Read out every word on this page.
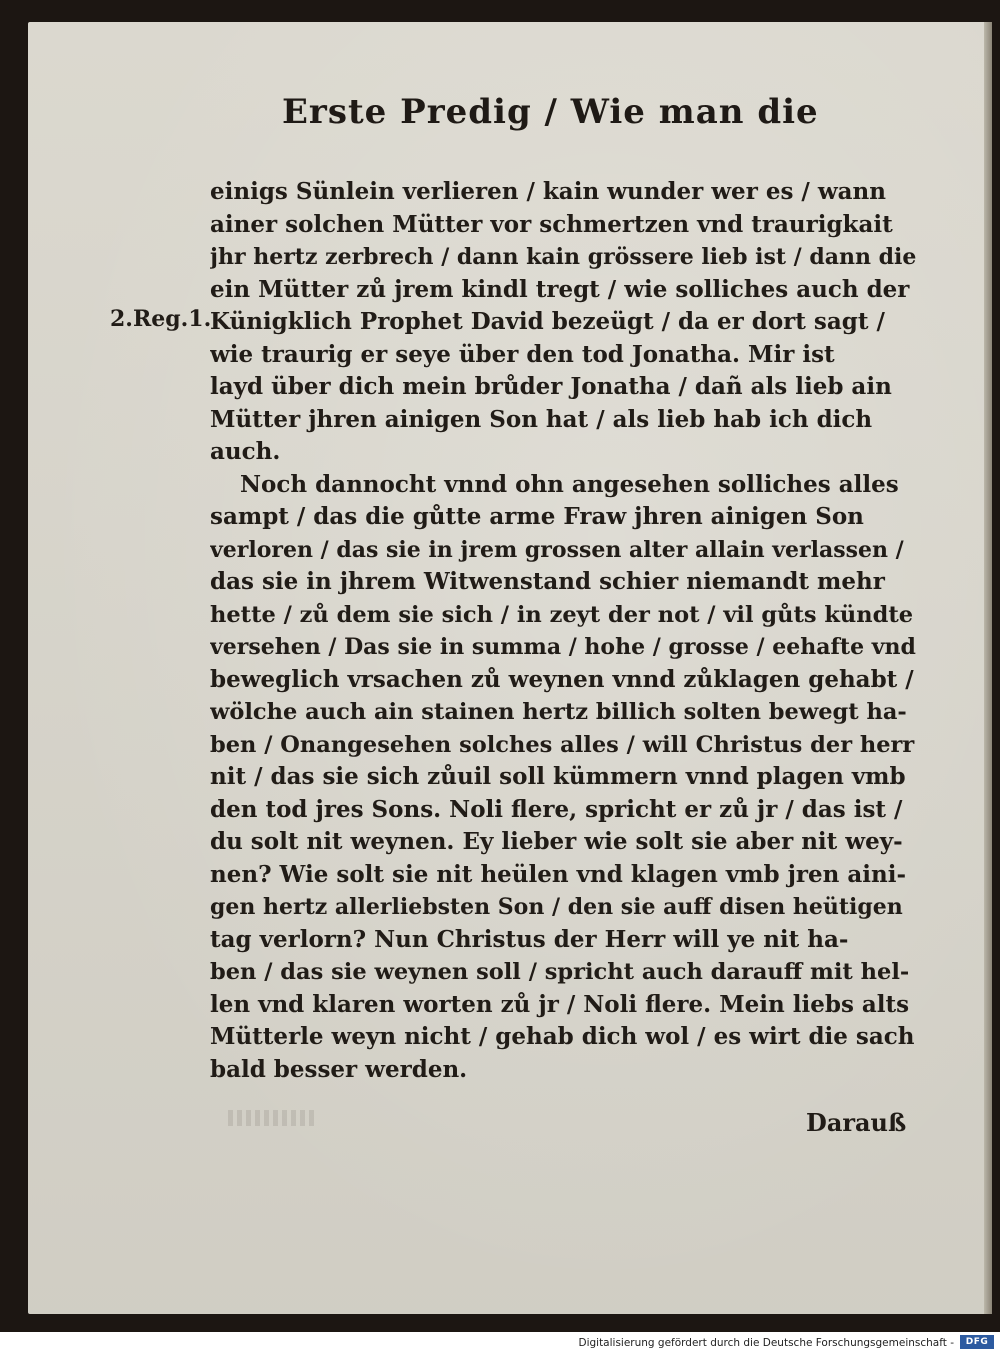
Erste Predig / Wie man die
2.Reg.1.
einigs Sünlein verlieren / kain wunder wer es / wann
ainer solchen Mütter vor schmertzen vnd traurigkait
jhr hertz zerbrech / dann kain grössere lieb ist / dann die
ein Mütter zů jrem kindl tregt / wie solliches auch der
Künigklich Prophet David bezeügt / da er dort sagt /
wie traurig er seye über den tod Jonatha. Mir ist
layd über dich mein brůder Jonatha / dañ als lieb ain
Mütter jhren ainigen Son hat / als lieb hab ich dich
auch.
Noch dannocht vnnd ohn angesehen solliches alles
sampt / das die gůtte arme Fraw jhren ainigen Son
verloren / das sie in jrem grossen alter allain verlassen /
das sie in jhrem Witwenstand schier niemandt mehr
hette / zů dem sie sich / in zeyt der not / vil gůts kündte
versehen / Das sie in summa / hohe / grosse / eehafte vnd
beweglich vrsachen zů weynen vnnd zůklagen gehabt /
wölche auch ain stainen hertz billich solten bewegt ha-
ben / Onangesehen solches alles / will Christus der herr
nit / das sie sich zůuil soll kümmern vnnd plagen vmb
den tod jres Sons. Noli flere, spricht er zů jr / das ist /
du solt nit weynen. Ey lieber wie solt sie aber nit wey-
nen? Wie solt sie nit heülen vnd klagen vmb jren aini-
gen hertz allerliebsten Son / den sie auff disen heütigen
tag verlorn? Nun Christus der Herr will ye nit ha-
ben / das sie weynen soll / spricht auch darauff mit hel-
len vnd klaren worten zů jr / Noli flere. Mein liebs alts
Mütterle weyn nicht / gehab dich wol / es wirt die sach
bald besser werden.
Darauß
Digitalisierung gefördert durch die Deutsche Forschungsgemeinschaft -	DFG
